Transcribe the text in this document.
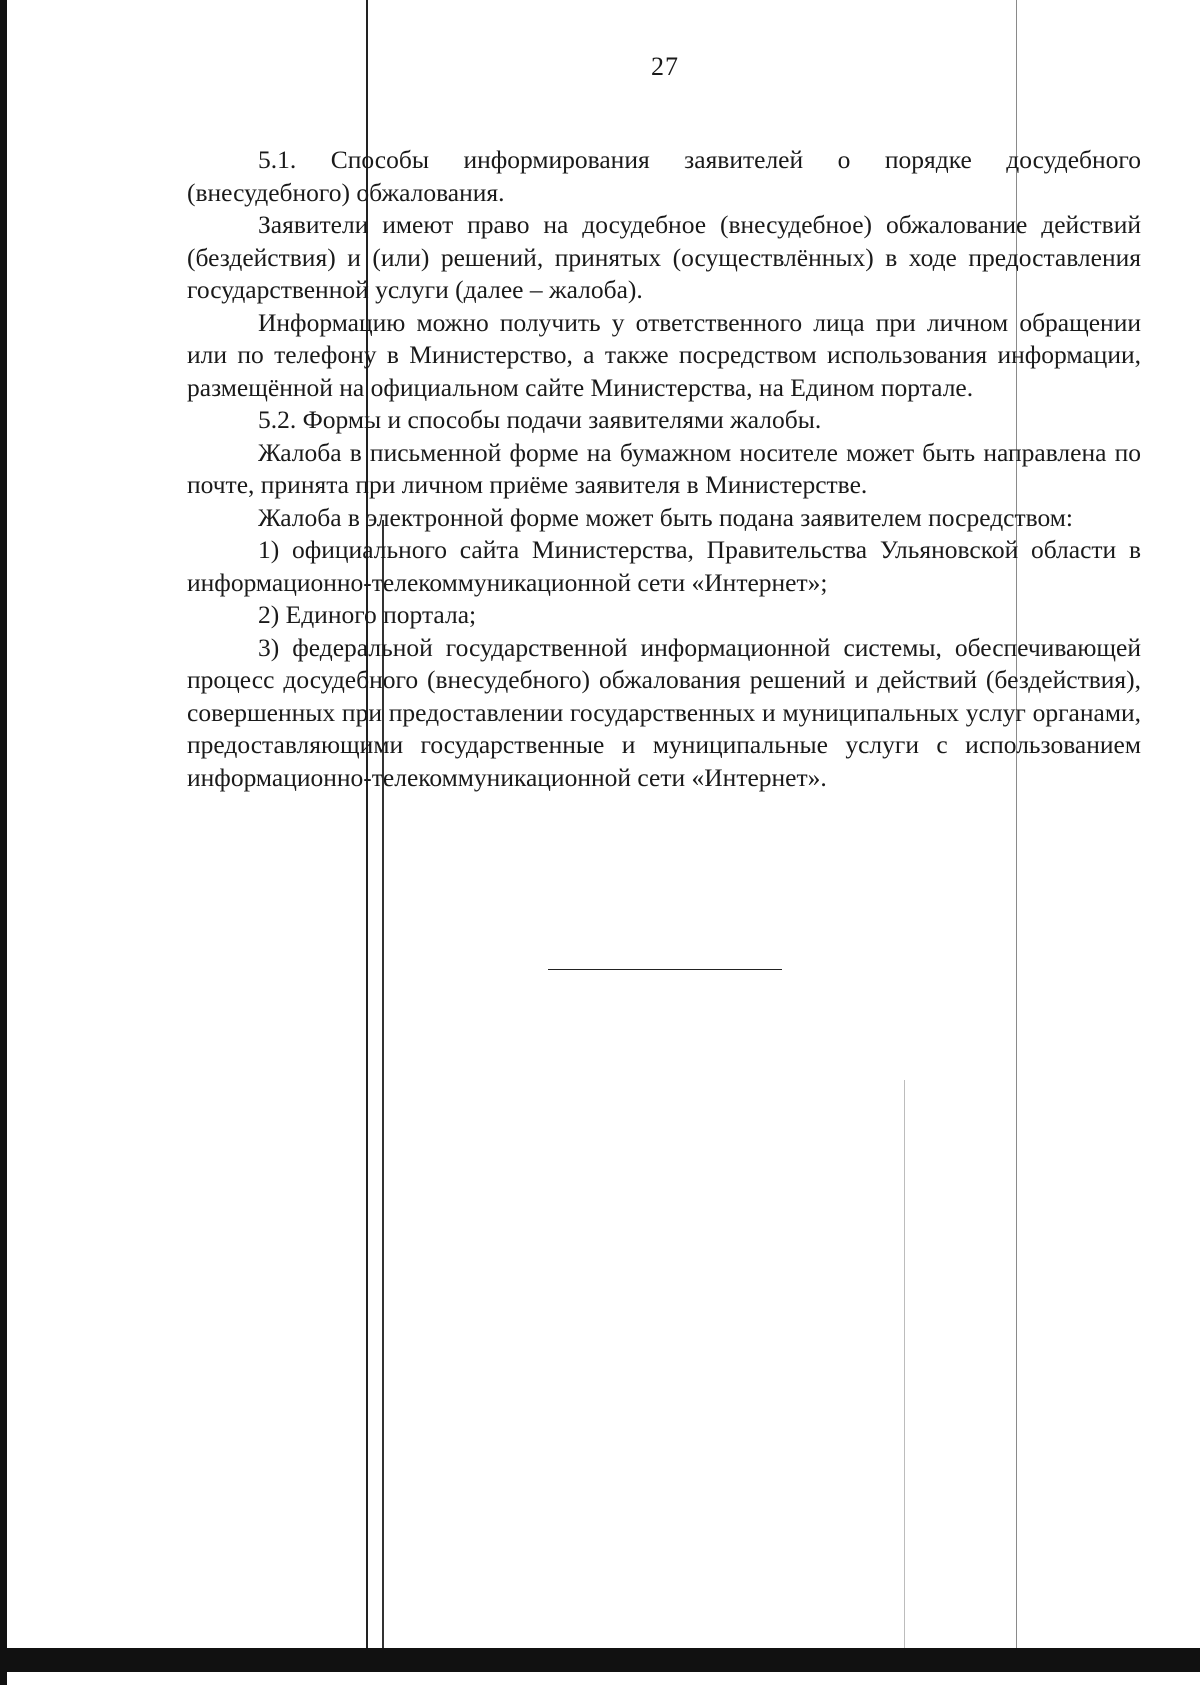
27

5.1. Способы информирования заявителей о порядке досудебного (внесудебного) обжалования.

Заявители имеют право на досудебное (внесудебное) обжалование действий (бездействия) и (или) решений, принятых (осуществлённых) в ходе предоставления государственной услуги (далее – жалоба).

Информацию можно получить у ответственного лица при личном обращении или по телефону в Министерство, а также посредством использования информации, размещённой на официальном сайте Министерства, на Едином портале.

5.2. Формы и способы подачи заявителями жалобы.

Жалоба в письменной форме на бумажном носителе может быть направлена по почте, принята при личном приёме заявителя в Министерстве.

Жалоба в электронной форме может быть подана заявителем посредством:

1) официального сайта Министерства, Правительства Ульяновской области в информационно-телекоммуникационной сети «Интернет»;

2) Единого портала;

3) федеральной государственной информационной системы, обеспечивающей процесс досудебного (внесудебного) обжалования решений и действий (бездействия), совершенных при предоставлении государственных и муниципальных услуг органами, предоставляющими государственные и муниципальные услуги с использованием информационно-телекоммуникационной сети «Интернет».
